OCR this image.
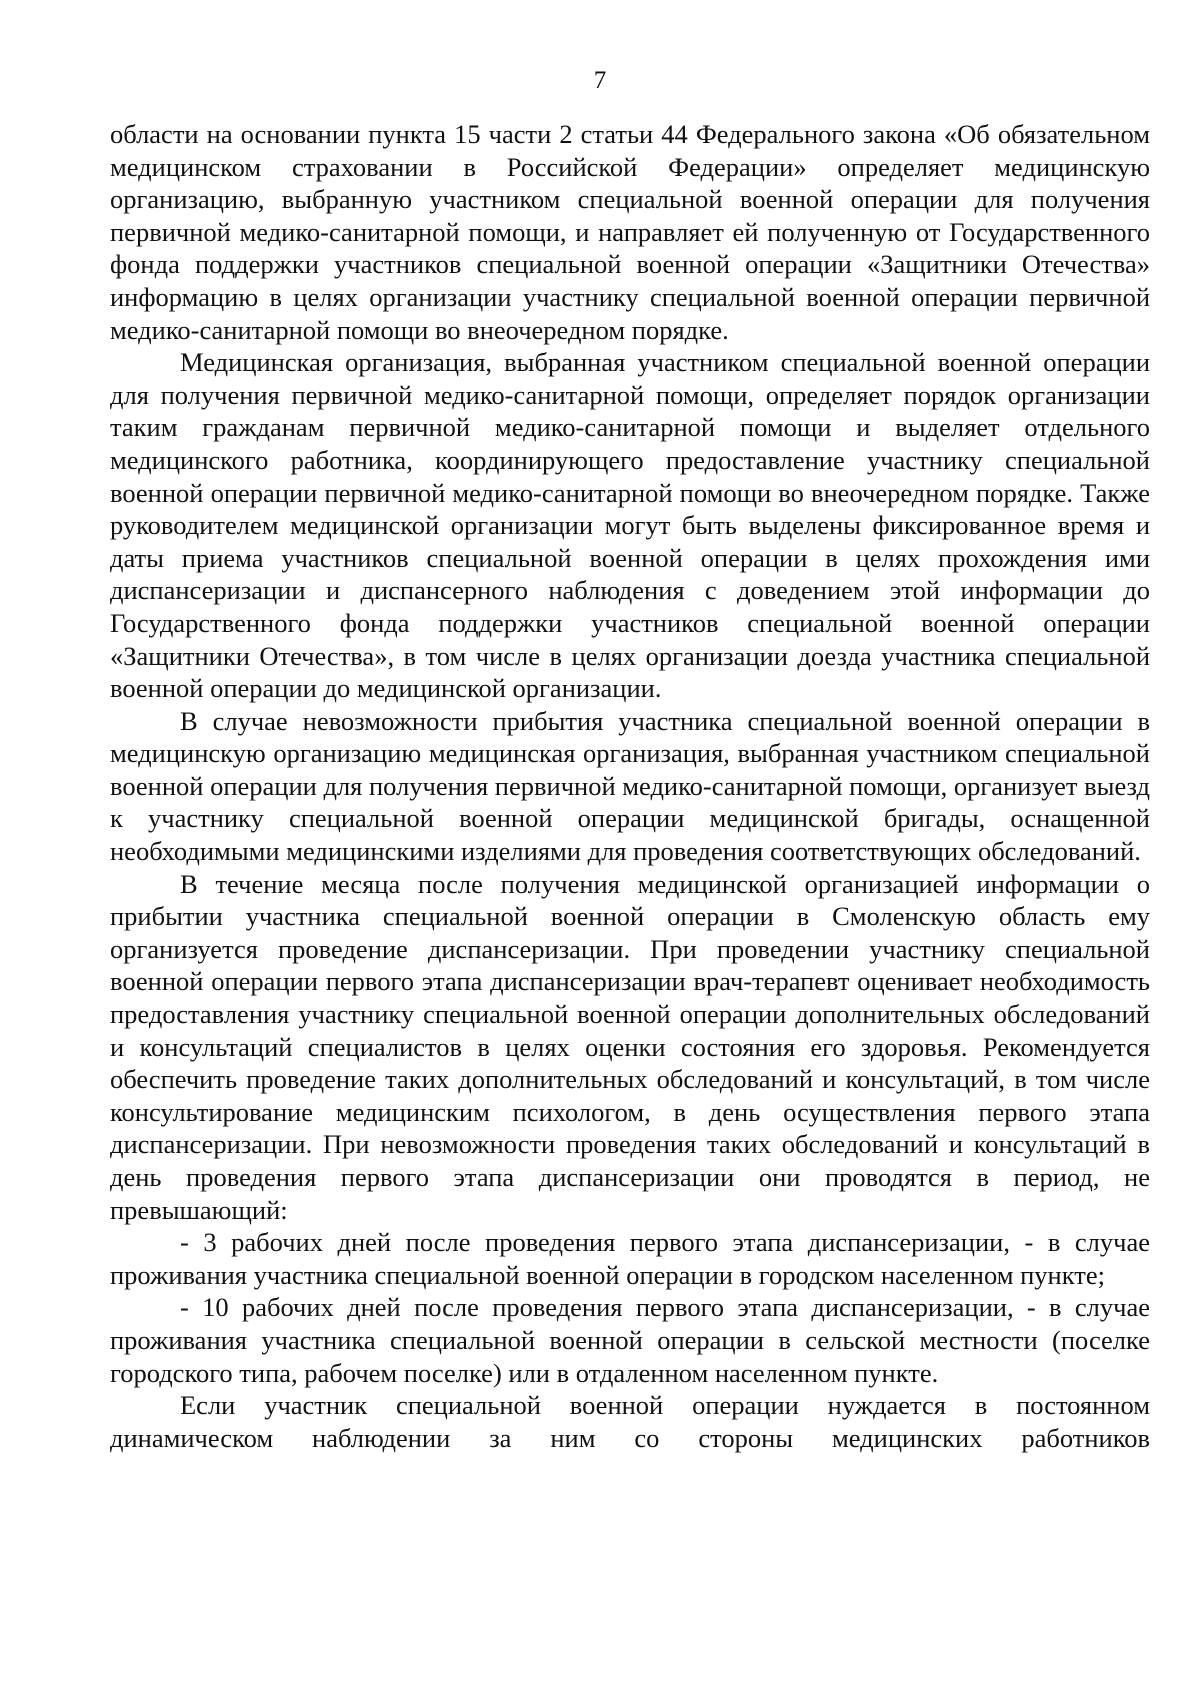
7

области на основании пункта 15 части 2 статьи 44 Федерального закона «Об обязательном медицинском страховании в Российской Федерации» определяет медицинскую организацию, выбранную участником специальной военной операции для получения первичной медико-санитарной помощи, и направляет ей полученную от Государственного фонда поддержки участников специальной военной операции «Защитники Отечества» информацию в целях организации участнику специальной военной операции первичной медико-санитарной помощи во внеочередном порядке.

Медицинская организация, выбранная участником специальной военной операции для получения первичной медико-санитарной помощи, определяет порядок организации таким гражданам первичной медико-санитарной помощи и выделяет отдельного медицинского работника, координирующего предоставление участнику специальной военной операции первичной медико-санитарной помощи во внеочередном порядке. Также руководителем медицинской организации могут быть выделены фиксированное время и даты приема участников специальной военной операции в целях прохождения ими диспансеризации и диспансерного наблюдения с доведением этой информации до Государственного фонда поддержки участников специальной военной операции «Защитники Отечества», в том числе в целях организации доезда участника специальной военной операции до медицинской организации.

В случае невозможности прибытия участника специальной военной операции в медицинскую организацию медицинская организация, выбранная участником специальной военной операции для получения первичной медико-санитарной помощи, организует выезд к участнику специальной военной операции медицинской бригады, оснащенной необходимыми медицинскими изделиями для проведения соответствующих обследований.

В течение месяца после получения медицинской организацией информации о прибытии участника специальной военной операции в Смоленскую область ему организуется проведение диспансеризации. При проведении участнику специальной военной операции первого этапа диспансеризации врач-терапевт оценивает необходимость предоставления участнику специальной военной операции дополнительных обследований и консультаций специалистов в целях оценки состояния его здоровья. Рекомендуется обеспечить проведение таких дополнительных обследований и консультаций, в том числе консультирование медицинским психологом, в день осуществления первого этапа диспансеризации. При невозможности проведения таких обследований и консультаций в день проведения первого этапа диспансеризации они проводятся в период, не превышающий:

- 3 рабочих дней после проведения первого этапа диспансеризации, - в случае проживания участника специальной военной операции в городском населенном пункте;

- 10 рабочих дней после проведения первого этапа диспансеризации, - в случае проживания участника специальной военной операции в сельской местности (поселке городского типа, рабочем поселке) или в отдаленном населенном пункте.

Если участник специальной военной операции нуждается в постоянном динамическом наблюдении за ним со стороны медицинских работников
